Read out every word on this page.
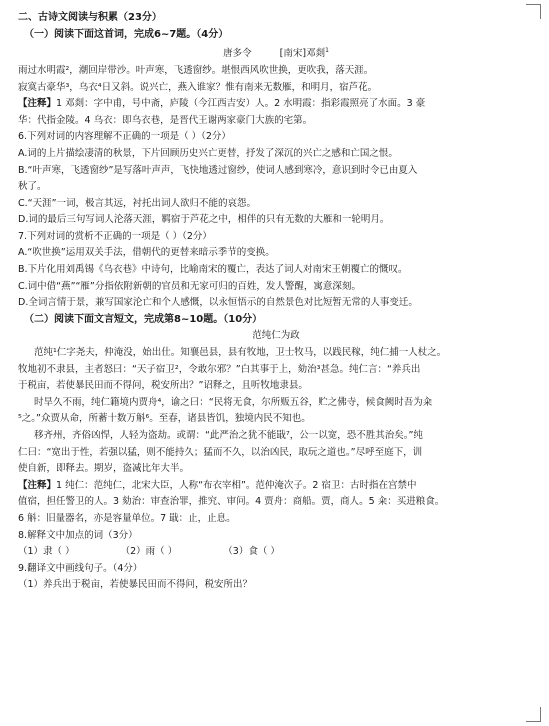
二、古诗文阅读与积累（23分）
（一）阅读下面这首词，完成6~7题。（4分）
唐多令	[南宋]邓剡$^1$
雨过水明霞²，潮回岸带沙。叶声寒，飞透窗纱。堪恨西风吹世换，更吹我，落天涯。
寂寞古豪华³，乌衣⁴日又斜。说兴亡，燕入谁家？惟有南来无数雁，和明月，宿芦花。
【注释】1 邓剡：字中甫，号中斋，庐陵（今江西吉安）人。2 水明霞：指彩霞照亮了水面。3 豪
华：代指金陵。4 乌衣：即乌衣巷，是晋代王谢两家豪门大族的宅第。
6.下列对词的内容理解不正确的一项是（ ）（2分）
A.词的上片描绘凄清的秋景，下片回顾历史兴亡更替，抒发了深沉的兴亡之感和亡国之恨。
B.“叶声寒，飞透窗纱”是写落叶声声，飞快地透过窗纱，使词人感到寒冷，意识到时令已由夏入
秋了。
C.“天涯”一词，极言其远，衬托出词人欲归不能的哀怨。
D.词的最后三句写词人沦落天涯，羁宿于芦花之中，相伴的只有无数的大雁和一轮明月。
7.下列对词的赏析不正确的一项是（ ）（2分）
A.“吹世换”运用双关手法，借朝代的更替来暗示季节的变换。
B.下片化用刘禹锡《乌衣巷》中诗句，比喻南宋的覆亡，表达了词人对南宋王朝覆亡的慨叹。
C.词中借“燕”“雁”分指依附新朝的官员和无家可归的百姓，发人警醒，寓意深刻。
D.全词言情于景，兼写国家沦亡和个人感慨，以永恒悟示的自然景色对比短暂无常的人事变迁。
（二）阅读下面文言短文，完成第8~10题。（10分）
范纯仁为政
范纯¹仁字尧夫，仲淹没，始出仕。知襄邑县，县有牧地，卫士牧马，以践民稼，纯仁捕一人杖之。
牧地初不隶县，主者怒曰：“天子宿卫²，令敢尔邪？”白其事于上，劾治³甚急。纯仁言：“养兵出
于税亩，若使暴民田而不得问，税安所出？”诏释之，且听牧地隶县。
时旱久不雨，纯仁籍境内贾舟⁴，谕之曰：“民将无食，尔所贩五谷，贮之佛寺，候食阙时吾为籴
⁵之。”众贾从命，所蓄十数万斛⁶。至春，诸县皆饥，独境内民不知也。
移齐州，齐俗凶悍，人轻为盗劫。或谓：“此严治之犹不能戢⁷，公一以宽，恐不胜其治矣。”纯
仁曰：“宽出于性，若强以猛，则不能持久；猛而不久，以治凶民，取玩之道也。”尽呼至庭下，训
使自新，即释去。期岁，盗减比年大半。
【注释】1 纯仁：范纯仁，北宋大臣，人称“布衣宰相”。范仲淹次子。2 宿卫：古时指在宫禁中
值宿，担任警卫的人。3 劾治：审查治罪，推究、审问。4 贾舟：商船。贾，商人。5 籴：买进粮食。
6 斛：旧量器名，亦是容量单位。7 戢：止，止息。
8.解释文中加点的词（3分）
（1）隶（ ）	（2）雨（ ）	（3）食（ ）
9.翻译文中画线句子。（4分）
（1）养兵出于税亩，若使暴民田而不得问，税安所出？
